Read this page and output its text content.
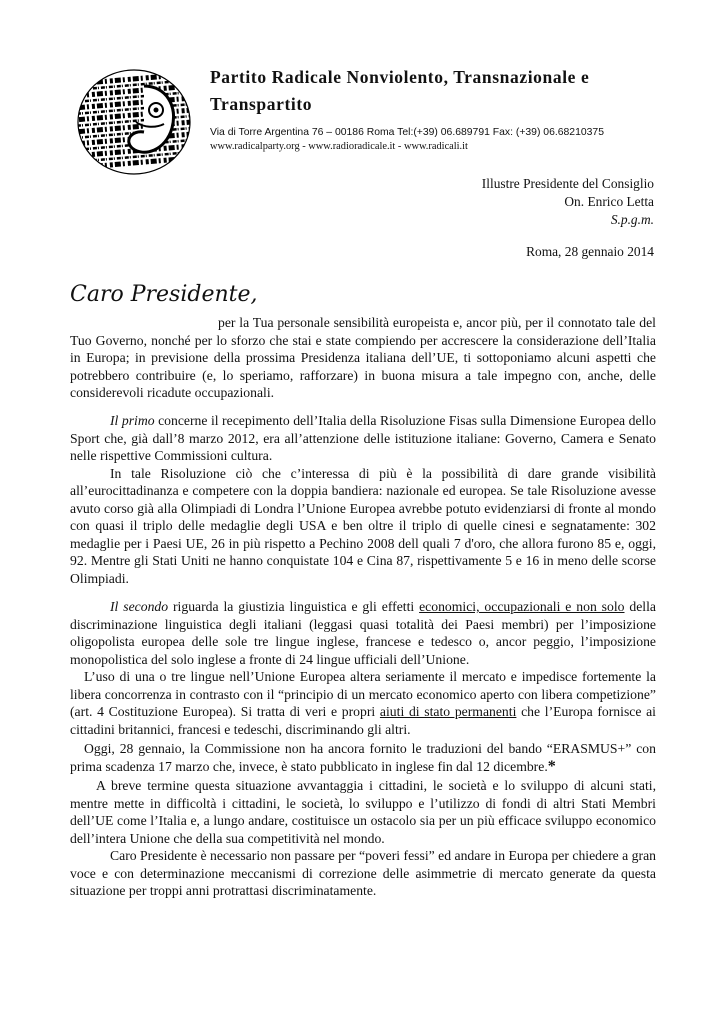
Partito Radicale Nonviolento, Transnazionale e Transpartito
Via di Torre Argentina 76 – 00186 Roma Tel:(+39) 06.689791 Fax: (+39) 06.68210375
www.radicalparty.org - www.radioradicale.it - www.radicali.it
Illustre Presidente del Consiglio
On. Enrico Letta
S.p.g.m.
Roma, 28 gennaio 2014
Caro Presidente,

per la Tua personale sensibilità europeista e, ancor più, per il connotato tale del Tuo Governo, nonché per lo sforzo che stai e state compiendo per accrescere la considerazione dell’Italia in Europa; in previsione della prossima Presidenza italiana dell’UE, ti sottoponiamo alcuni aspetti che potrebbero contribuire (e, lo speriamo, rafforzare) in buona misura a tale impegno con, anche, delle considerevoli ricadute occupazionali.

Il primo concerne il recepimento dell’Italia della Risoluzione Fisas sulla Dimensione Europea dello Sport che, già dall’8 marzo 2012, era all’attenzione delle istituzione italiane: Governo, Camera e Senato nelle rispettive Commissioni cultura.

In tale Risoluzione ciò che c’interessa di più è la possibilità di dare grande visibilità all’eurocittadinanza e competere con la doppia bandiera: nazionale ed europea. Se tale Risoluzione avesse avuto corso già alla Olimpiadi di Londra l’Unione Europea avrebbe potuto evidenziarsi di fronte al mondo con quasi il triplo delle medaglie degli USA e ben oltre il triplo di quelle cinesi e segnatamente: 302 medaglie per i Paesi UE, 26 in più rispetto a Pechino 2008 dell quali 7 d'oro, che allora furono 85 e, oggi, 92. Mentre gli Stati Uniti ne hanno conquistate 104 e Cina 87, rispettivamente 5 e 16 in meno delle scorse Olimpiadi.

Il secondo riguarda la giustizia linguistica e gli effetti economici, occupazionali e non solo della discriminazione linguistica degli italiani (leggasi quasi totalità dei Paesi membri) per l’imposizione oligopolista europea delle sole tre lingue inglese, francese e tedesco o, ancor peggio, l’imposizione monopolistica del solo inglese a fronte di 24 lingue ufficiali dell’Unione.

L’uso di una o tre lingue nell’Unione Europea altera seriamente il mercato e impedisce fortemente la libera concorrenza in contrasto con il “principio di un mercato economico aperto con libera competizione” (art. 4 Costituzione Europea). Si tratta di veri e propri aiuti di stato permanenti che l’Europa fornisce ai cittadini britannici, francesi e tedeschi, discriminando gli altri.

Oggi, 28 gennaio, la Commissione non ha ancora fornito le traduzioni del bando “ERASMUS+” con prima scadenza 17 marzo che, invece, è stato pubblicato in inglese fin dal 12 dicembre.*

A breve termine questa situazione avvantaggia i cittadini, le società e lo sviluppo di alcuni stati, mentre mette in difficoltà i cittadini, le società, lo sviluppo e l’utilizzo di fondi di altri Stati Membri dell’UE come l’Italia e, a lungo andare, costituisce un ostacolo sia per un più efficace sviluppo economico dell’intera Unione che della sua competitività nel mondo.

Caro Presidente è necessario non passare per “poveri fessi” ed andare in Europa per chiedere a gran voce e con determinazione meccanismi di correzione delle asimmetrie di mercato generate da questa situazione per troppi anni protrattasi discriminatamente.
